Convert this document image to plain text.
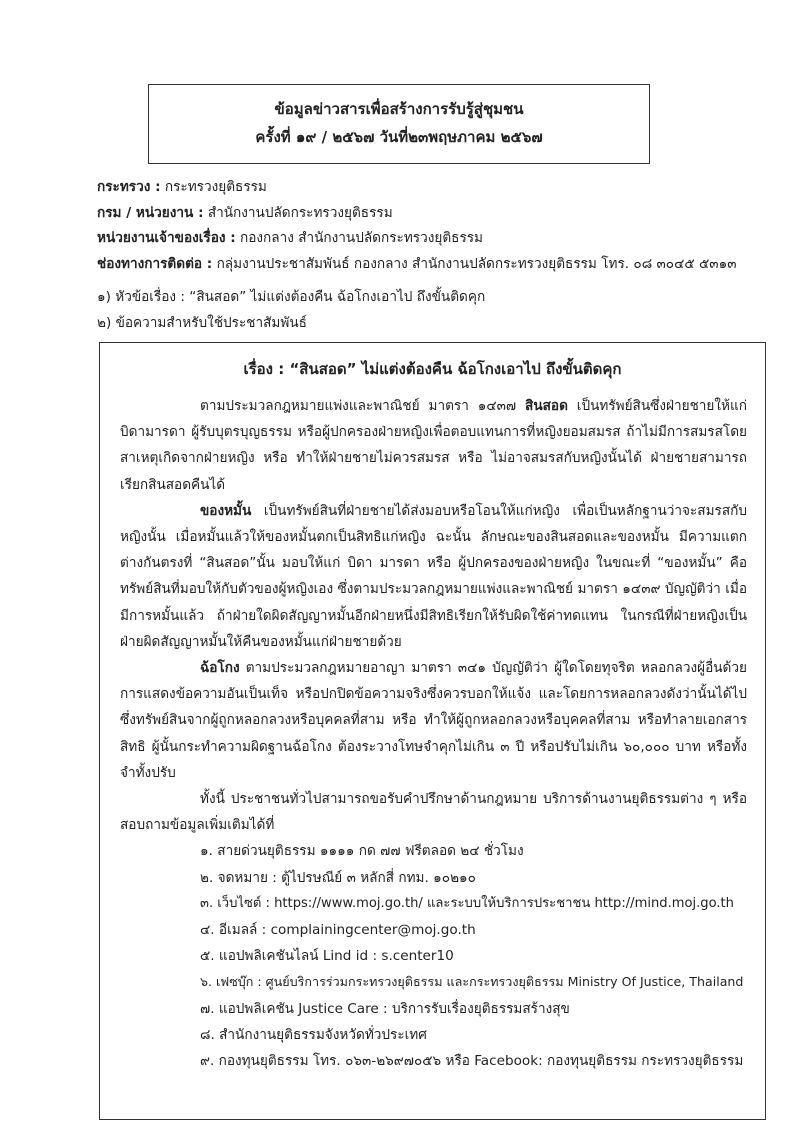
ข้อมูลข่าวสารเพื่อสร้างการรับรู้สู่ชุมชน
ครั้งที่ ๑๙ / ๒๕๖๗ วันที่๒๓พฤษภาคม ๒๕๖๗
กระทรวง : กระทรวงยุติธรรม
กรม / หน่วยงาน : สำนักงานปลัดกระทรวงยุติธรรม
หน่วยงานเจ้าของเรื่อง : กองกลาง สำนักงานปลัดกระทรวงยุติธรรม
ช่องทางการติดต่อ : กลุ่มงานประชาสัมพันธ์ กองกลาง สำนักงานปลัดกระทรวงยุติธรรม โทร. ๐๘ ๓๐๔๕ ๕๓๑๓
๑) หัวข้อเรื่อง : “สินสอด” ไม่แต่งต้องคืน ฉ้อโกงเอาไป ถึงขั้นติดคุก
๒) ข้อความสำหรับใช้ประชาสัมพันธ์
เรื่อง : “สินสอด” ไม่แต่งต้องคืน ฉ้อโกงเอาไป ถึงขั้นติดคุก

ตามประมวลกฎหมายแพ่งและพาณิชย์ มาตรา ๑๔๓๗ สินสอด เป็นทรัพย์สินซึ่งฝ่ายชายให้แก่บิดามารดา ผู้รับบุตรบุญธรรม หรือผู้ปกครองฝ่ายหญิงเพื่อตอบแทนการที่หญิงยอมสมรส ถ้าไม่มีการสมรสโดยสาเหตุเกิดจากฝ่ายหญิง หรือ ทำให้ฝ่ายชายไม่ควรสมรส หรือ ไม่อาจสมรสกับหญิงนั้นได้ ฝ่ายชายสามารถเรียกสินสอดคืนได้

ของหมั้น เป็นทรัพย์สินที่ฝ่ายชายได้ส่งมอบหรือโอนให้แก่หญิง เพื่อเป็นหลักฐานว่าจะสมรสกับหญิงนั้น เมื่อหมั้นแล้วให้ของหมั้นตกเป็นสิทธิแก่หญิง ฉะนั้น ลักษณะของสินสอดและของหมั้น มีความแตกต่างกันตรงที่ “สินสอด”นั้น มอบให้แก่ บิดา มารดา หรือ ผู้ปกครองของฝ่ายหญิง ในขณะที่ “ของหมั้น” คือทรัพย์สินที่มอบให้กับตัวของผู้หญิงเอง ซึ่งตามประมวลกฎหมายแพ่งและพาณิชย์ มาตรา ๑๔๓๙ บัญญัติว่า เมื่อมีการหมั้นแล้ว ถ้าฝ่ายใดผิดสัญญาหมั้นอีกฝ่ายหนึ่งมีสิทธิเรียกให้รับผิดใช้ค่าทดแทน ในกรณีที่ฝ่ายหญิงเป็นฝ่ายผิดสัญญาหมั้นให้คืนของหมั้นแก่ฝ่ายชายด้วย

ฉ้อโกง ตามประมวลกฎหมายอาญา มาตรา ๓๔๑ บัญญัติว่า ผู้ใดโดยทุจริต หลอกลวงผู้อื่นด้วยการแสดงข้อความอันเป็นเท็จ หรือปกปิดข้อความจริงซึ่งควรบอกให้แจ้ง และโดยการหลอกลวงดังว่านั้นได้ไปซึ่งทรัพย์สินจากผู้ถูกหลอกลวงหรือบุคคลที่สาม หรือ ทำให้ผู้ถูกหลอกลวงหรือบุคคลที่สาม หรือทำลายเอกสารสิทธิ ผู้นั้นกระทำความผิดฐานฉ้อโกง ต้องระวางโทษจำคุกไม่เกิน ๓ ปี หรือปรับไม่เกิน ๖๐,๐๐๐ บาท หรือทั้งจำทั้งปรับ

ทั้งนี้ ประชาชนทั่วไปสามารถขอรับคำปรึกษาด้านกฎหมาย บริการด้านงานยุติธรรมต่าง ๆ หรือสอบถามข้อมูลเพิ่มเติมได้ที่

๑. สายด่วนยุติธรรม ๑๑๑๑ กด ๗๗ ฟรีตลอด ๒๔ ชั่วโมง
๒. จดหมาย : ตู้ไปรษณีย์ ๓ หลักสี่ กทม. ๑๐๒๑๐
๓. เว็บไซต์ : https://www.moj.go.th/ และระบบให้บริการประชาชน http://mind.moj.go.th
๔. อีเมลล์ : complainingcenter@moj.go.th
๕. แอปพลิเคชันไลน์ Lind id : s.center10
๖. เฟซบุ๊ก : ศูนย์บริการร่วมกระทรวงยุติธรรม และกระทรวงยุติธรรม Ministry Of Justice, Thailand
๗. แอปพลิเคชัน Justice Care : บริการรับเรื่องยุติธรรมสร้างสุข
๘. สำนักงานยุติธรรมจังหวัดทั่วประเทศ
๙. กองทุนยุติธรรม โทร. ๐๖๓-๒๖๙๗๐๕๖ หรือ Facebook: กองทุนยุติธรรม กระทรวงยุติธรรม
